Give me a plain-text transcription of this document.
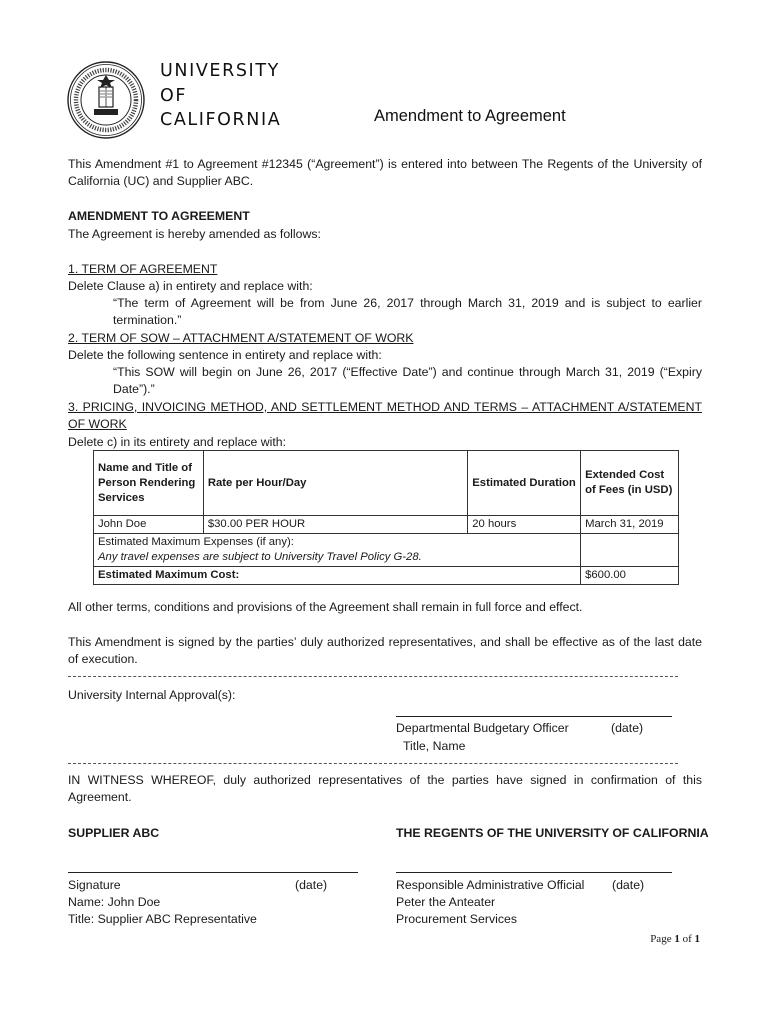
UNIVERSITY
OF
CALIFORNIA	Amendment to Agreement
This Amendment #1 to Agreement #12345 (“Agreement”) is entered into between The Regents of the University of California (UC) and Supplier ABC.
AMENDMENT TO AGREEMENT
The Agreement is hereby amended as follows:
1. TERM OF AGREEMENT
Delete Clause a) in entirety and replace with:
“The term of Agreement will be from June 26, 2017 through March 31, 2019 and is subject to earlier termination.”
2. TERM OF SOW – ATTACHMENT A/STATEMENT OF WORK
Delete the following sentence in entirety and replace with:
“This SOW will begin on June 26, 2017 (“Effective Date”) and continue through March 31, 2019 (“Expiry Date”).”
3. PRICING, INVOICING METHOD, AND SETTLEMENT METHOD AND TERMS – ATTACHMENT A/STATEMENT OF WORK
Delete c) in its entirety and replace with:
Name and Title of Person Rendering Services	Rate per Hour/Day	Estimated Duration	Extended Cost of Fees (in USD)
John Doe	$30.00 PER HOUR	20 hours	March 31, 2019

Estimated Maximum Expenses (if any):
Any travel expenses are subject to University Travel Policy G-28.			

Estimated Maximum Cost:			$600.00
All other terms, conditions and provisions of the Agreement shall remain in full force and effect.
This Amendment is signed by the parties’ duly authorized representatives, and shall be effective as of the last date of execution.
University Internal Approval(s):
Departmental Budgetary Officer	(date)
Title, Name
IN WITNESS WHEREOF, duly authorized representatives of the parties have signed in confirmation of this Agreement.
SUPPLIER ABC
Signature	(date)
Name: John Doe
Title: Supplier ABC Representative
THE REGENTS OF THE UNIVERSITY OF CALIFORNIA
Responsible Administrative Official (date)
Peter the Anteater
Procurement Services
Page 1 of 1
